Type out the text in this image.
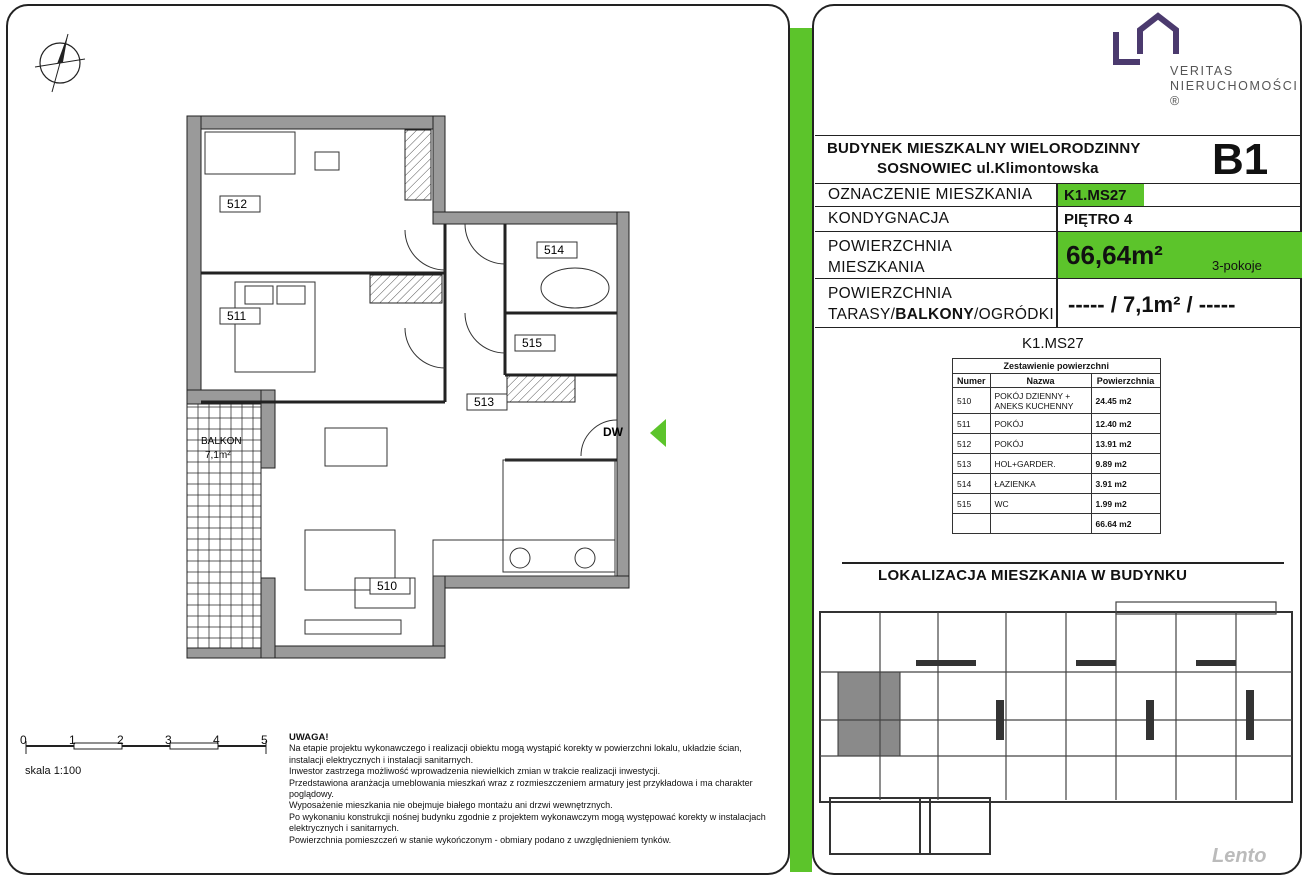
512
511
513
514
515
510
BALKON
7,1m²
DW
0	1	2	3	4	5
skala 1:100
UWAGA!
Na etapie projektu wykonawczego i realizacji obiektu mogą wystąpić korekty w powierzchni lokalu, układzie ścian, instalacji elektrycznych i instalacji sanitarnych.
Inwestor zastrzega możliwość wprowadzenia niewielkich zmian w trakcie realizacji inwestycji.
Przedstawiona aranżacja umeblowania mieszkań wraz z rozmieszczeniem armatury jest przykładowa i ma charakter poglądowy.
Wyposażenie mieszkania nie obejmuje białego montażu ani drzwi wewnętrznych.
Po wykonaniu konstrukcji nośnej budynku zgodnie z projektem wykonawczym mogą występować korekty w instalacjach elektrycznych i sanitarnych.
Powierzchnia pomieszczeń w stanie wykończonym - obmiary podano z uwzględnieniem tynków.
VERITAS
NIERUCHOMOŚCI ®
BUDYNEK MIESZKALNY WIELORODZINNY
SOSNOWIEC ul.Klimontowska	B1
OZNACZENIE MIESZKANIA K1.MS27
KONDYGNACJA	PIĘTRO 4
POWIERZCHNIA
MIESZKANIA	66,64m²	3-pokoje
POWIERZCHNIA
TARASY/BALKONY/OGRÓDKI ----- / 7,1m² / -----
K1.MS27
Zestawienie powierzchni		
Numer	Nazwa	Powierzchnia
510	POKÓJ DZIENNY + ANEKS KUCHENNY	24.45 m2
511	POKÓJ	12.40 m2
512	POKÓJ	13.91 m2
513	HOL+GARDER.	9.89 m2
514	ŁAZIENKA	3.91 m2
515	WC	1.99 m2
		66.64 m2
LOKALIZACJA MIESZKANIA W BUDYNKU
Lento
